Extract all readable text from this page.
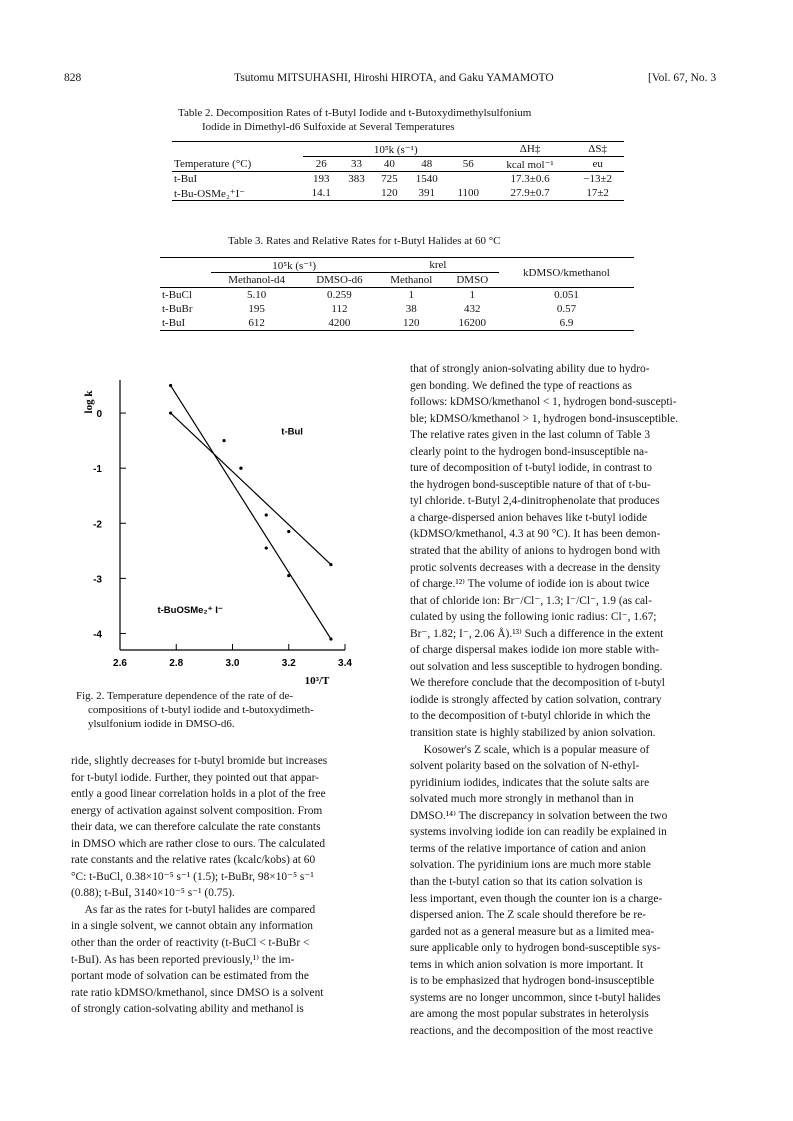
828	Tsutomu MITSUHASHI, Hiroshi HIROTA, and Gaku YAMAMOTO	[Vol. 67, No. 3
Table 2. Decomposition Rates of t-Butyl Iodide and t-Butoxydimethylsulfonium
Iodide in Dimethyl-d6 Sulfoxide at Several Temperatures
	10⁵k (s⁻¹)					ΔH‡	ΔS‡
Temperature (°C)	26	33	40	48	56	kcal mol⁻¹	eu
t-BuI	193	383	725	1540		17.3±0.6	−13±2
t-Bu-OSMe₂⁺I⁻	14.1		120	391	1100	27.9±0.7	17±2
Table 3. Rates and Relative Rates for t-Butyl Halides at 60 °C
	10⁵k (s⁻¹)		krel		kDMSO/kmethanol
	Methanol-d4	DMSO-d6	Methanol	DMSO	
t-BuCl	5.10	0.259	1	1	0.051
t-BuBr	195	112	38	432	0.57
t-BuI	612	4200	120	16200	6.9
2.6	2.8	3.0	3.2	3.4
0
-1
-2
-3
-4
log k
10³/T
t-BuI
t-BuOSMe₂⁺ I⁻
Fig. 2. Temperature dependence of the rate of de-
compositions of t-butyl iodide and t-butoxydimeth-
ylsulfonium iodide in DMSO-d6.

ride, slightly decreases for t-butyl bromide but increases

for t-butyl iodide. Further, they pointed out that appar-

ently a good linear correlation holds in a plot of the free

energy of activation against solvent composition. From

their data, we can therefore calculate the rate constants

in DMSO which are rather close to ours. The calculated

rate constants and the relative rates (kcalc/kobs) at 60

°C: t-BuCl, 0.38×10⁻⁵ s⁻¹ (1.5); t-BuBr, 98×10⁻⁵ s⁻¹

(0.88); t-BuI, 3140×10⁻⁵ s⁻¹ (0.75).

As far as the rates for t-butyl halides are compared

in a single solvent, we cannot obtain any information

other than the order of reactivity (t-BuCl < t-BuBr <

t-BuI). As has been reported previously,¹⁾ the im-

portant mode of solvation can be estimated from the

rate ratio kDMSO/kmethanol, since DMSO is a solvent

of strongly cation-solvating ability and methanol is

that of strongly anion-solvating ability due to hydro-

gen bonding. We defined the type of reactions as

follows: kDMSO/kmethanol < 1, hydrogen bond-suscepti-

ble; kDMSO/kmethanol > 1, hydrogen bond-insusceptible.

The relative rates given in the last column of Table 3

clearly point to the hydrogen bond-insusceptible na-

ture of decomposition of t-butyl iodide, in contrast to

the hydrogen bond-susceptible nature of that of t-bu-

tyl chloride. t-Butyl 2,4-dinitrophenolate that produces

a charge-dispersed anion behaves like t-butyl iodide

(kDMSO/kmethanol, 4.3 at 90 °C). It has been demon-

strated that the ability of anions to hydrogen bond with

protic solvents decreases with a decrease in the density

of charge.¹²⁾ The volume of iodide ion is about twice

that of chloride ion: Br⁻/Cl⁻, 1.3; I⁻/Cl⁻, 1.9 (as cal-

culated by using the following ionic radius: Cl⁻, 1.67;

Br⁻, 1.82; I⁻, 2.06 Å).¹³⁾ Such a difference in the extent

of charge dispersal makes iodide ion more stable with-

out solvation and less susceptible to hydrogen bonding.

We therefore conclude that the decomposition of t-butyl

iodide is strongly affected by cation solvation, contrary

to the decomposition of t-butyl chloride in which the

transition state is highly stabilized by anion solvation.

Kosower's Z scale, which is a popular measure of

solvent polarity based on the solvation of N-ethyl-

pyridinium iodides, indicates that the solute salts are

solvated much more strongly in methanol than in

DMSO.¹⁴⁾ The discrepancy in solvation between the two

systems involving iodide ion can readily be explained in

terms of the relative importance of cation and anion

solvation. The pyridinium ions are much more stable

than the t-butyl cation so that its cation solvation is

less important, even though the counter ion is a charge-

dispersed anion. The Z scale should therefore be re-

garded not as a general measure but as a limited mea-

sure applicable only to hydrogen bond-susceptible sys-

tems in which anion solvation is more important. It

is to be emphasized that hydrogen bond-insusceptible

systems are no longer uncommon, since t-butyl halides

are among the most popular substrates in heterolysis

reactions, and the decomposition of the most reactive
